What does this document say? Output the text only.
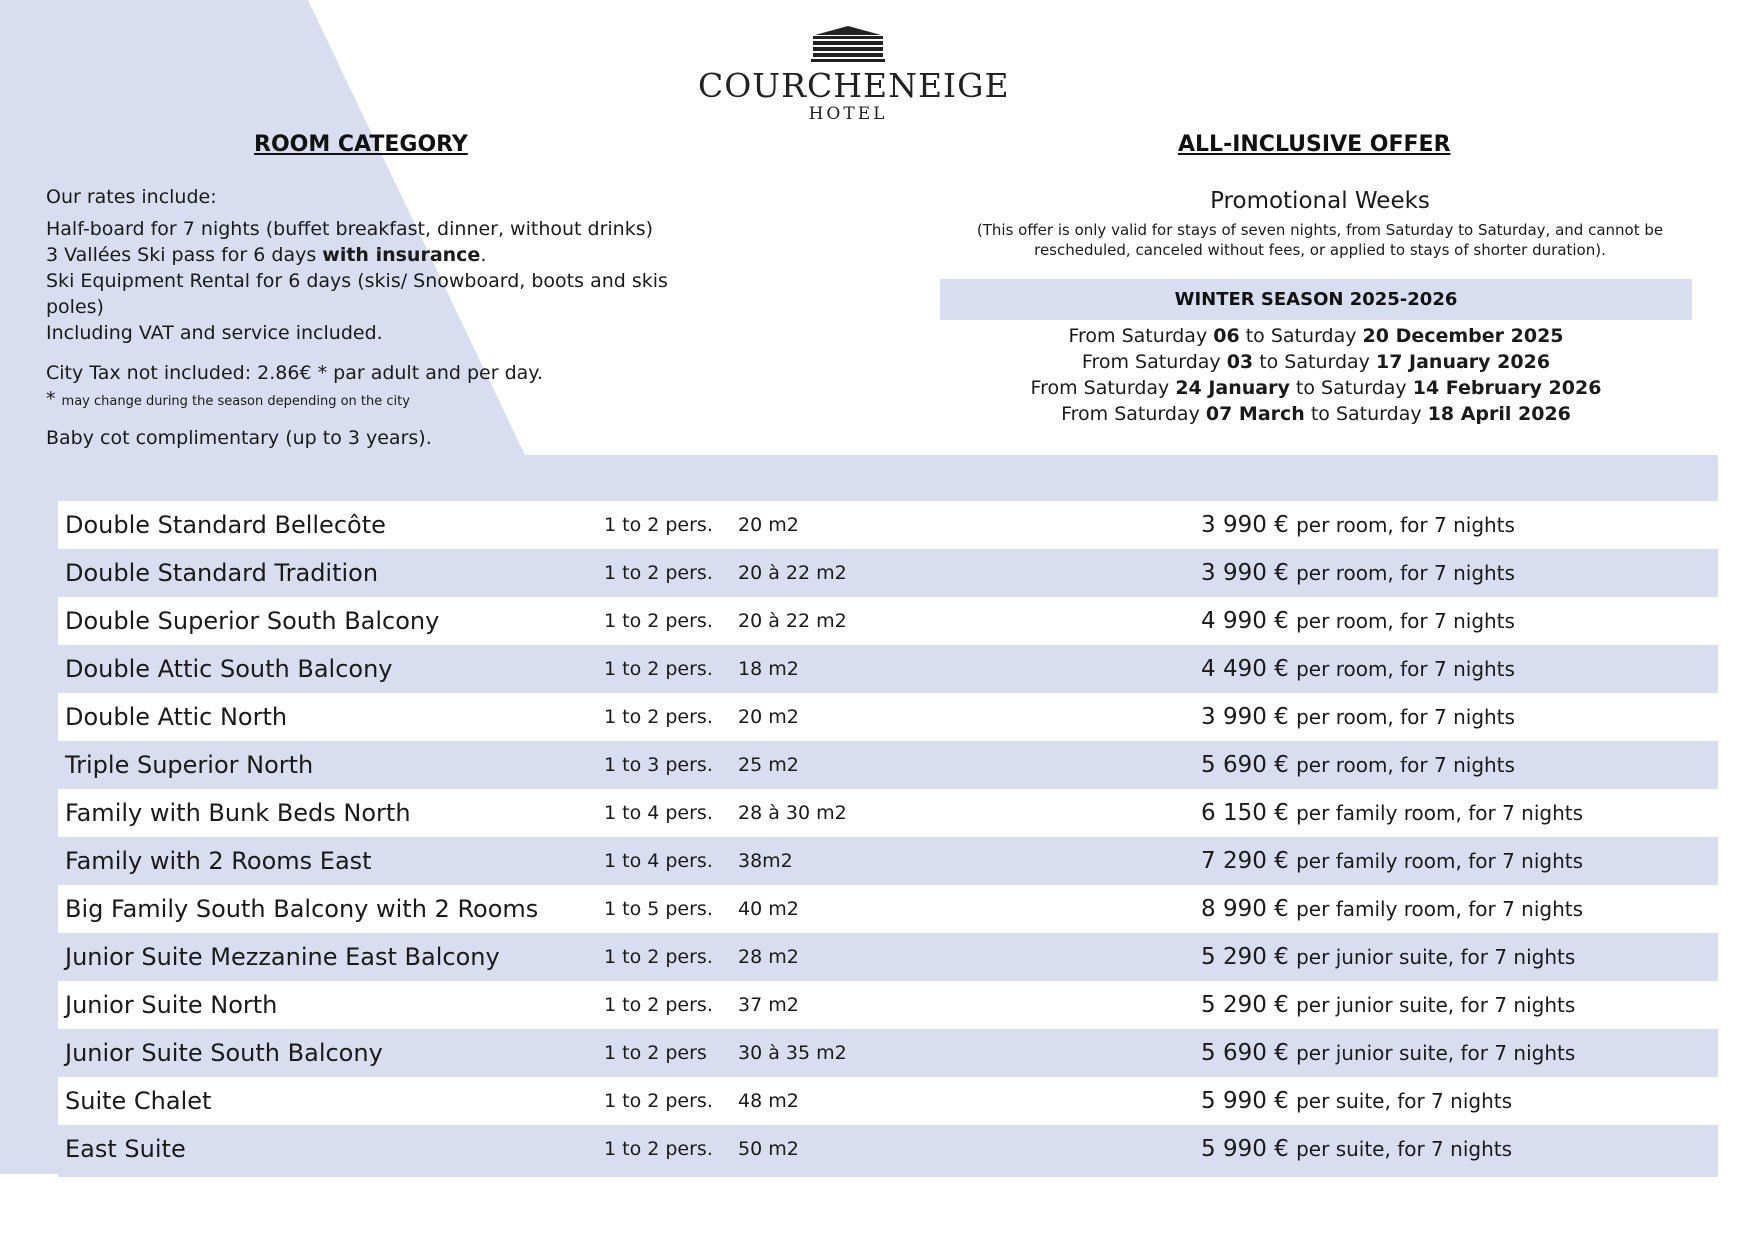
COURCHENEIGE
HOTEL
ROOM CATEGORY	ALL-INCLUSIVE OFFER
Our rates include:
Half-board for 7 nights (buffet breakfast, dinner, without drinks)
3 Vallées Ski pass for 6 days with insurance.
Ski Equipment Rental for 6 days (skis/ Snowboard, boots and skis poles)
Including VAT and service included.
City Tax not included: 2.86€ * par adult and per day.
* may change during the season depending on the city
Baby cot complimentary (up to 3 years).
Promotional Weeks
(This offer is only valid for stays of seven nights, from Saturday to Saturday, and cannot be rescheduled, canceled without fees, or applied to stays of shorter duration).
WINTER SEASON 2025-2026
From Saturday 06 to Saturday 20 December 2025
From Saturday 03 to Saturday 17 January 2026
From Saturday 24 January to Saturday 14 February 2026
From Saturday 07 March to Saturday 18 April 2026
Double Standard Bellecôte	1 to 2 pers. 20 m2	3 990 € per room, for 7 nights
Double Standard Tradition	1 to 2 pers. 20 à 22 m2	3 990 € per room, for 7 nights
Double Superior South Balcony	1 to 2 pers. 20 à 22 m2	4 990 € per room, for 7 nights
Double Attic South Balcony	1 to 2 pers. 18 m2	4 490 € per room, for 7 nights
Double Attic North	1 to 2 pers. 20 m2	3 990 € per room, for 7 nights
Triple Superior North	1 to 3 pers. 25 m2	5 690 € per room, for 7 nights
Family with Bunk Beds North	1 to 4 pers. 28 à 30 m2	6 150 € per family room, for 7 nights
Family with 2 Rooms East	1 to 4 pers. 38m2	7 290 € per family room, for 7 nights
Big Family South Balcony with 2 Rooms	1 to 5 pers. 40 m2	8 990 € per family room, for 7 nights
Junior Suite Mezzanine East Balcony	1 to 2 pers. 28 m2	5 290 € per junior suite, for 7 nights
Junior Suite North	1 to 2 pers. 37 m2	5 290 € per junior suite, for 7 nights
Junior Suite South Balcony	1 to 2 pers 30 à 35 m2	5 690 € per junior suite, for 7 nights
Suite Chalet	1 to 2 pers. 48 m2	5 990 € per suite, for 7 nights
East Suite	1 to 2 pers. 50 m2	5 990 € per suite, for 7 nights
